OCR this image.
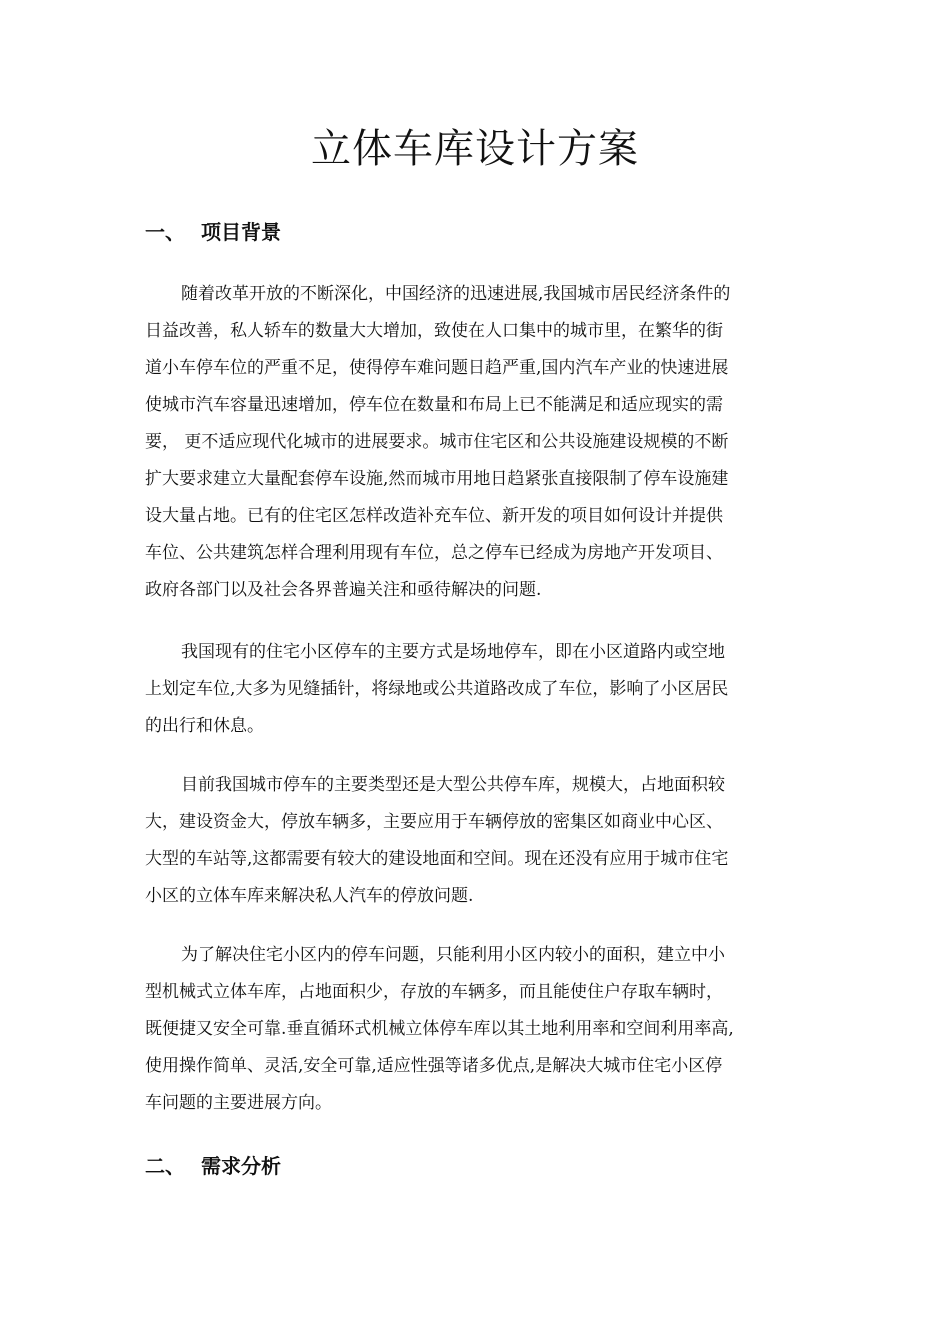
立体车库设计方案
一、 项目背景
随着改革开放的不断深化，中国经济的迅速进展,我国城市居民经济条件的
日益改善，私人轿车的数量大大增加，致使在人口集中的城市里，在繁华的街
道小车停车位的严重不足，使得停车难问题日趋严重,国内汽车产业的快速进展
使城市汽车容量迅速增加，停车位在数量和布局上已不能满足和适应现实的需
要， 更不适应现代化城市的进展要求。城市住宅区和公共设施建设规模的不断
扩大要求建立大量配套停车设施,然而城市用地日趋紧张直接限制了停车设施建
设大量占地。已有的住宅区怎样改造补充车位、新开发的项目如何设计并提供
车位、公共建筑怎样合理利用现有车位，总之停车已经成为房地产开发项目、
政府各部门以及社会各界普遍关注和亟待解决的问题.
我国现有的住宅小区停车的主要方式是场地停车，即在小区道路内或空地
上划定车位,大多为见缝插针，将绿地或公共道路改成了车位，影响了小区居民
的出行和休息。
目前我国城市停车的主要类型还是大型公共停车库，规模大，占地面积较
大，建设资金大，停放车辆多，主要应用于车辆停放的密集区如商业中心区、
大型的车站等,这都需要有较大的建设地面和空间。现在还没有应用于城市住宅
小区的立体车库来解决私人汽车的停放问题.
为了解决住宅小区内的停车问题，只能利用小区内较小的面积，建立中小
型机械式立体车库，占地面积少，存放的车辆多，而且能使住户存取车辆时，
既便捷又安全可靠.垂直循环式机械立体停车库以其土地利用率和空间利用率高,
使用操作简单、灵活,安全可靠,适应性强等诸多优点,是解决大城市住宅小区停
车问题的主要进展方向。
二、 需求分析
